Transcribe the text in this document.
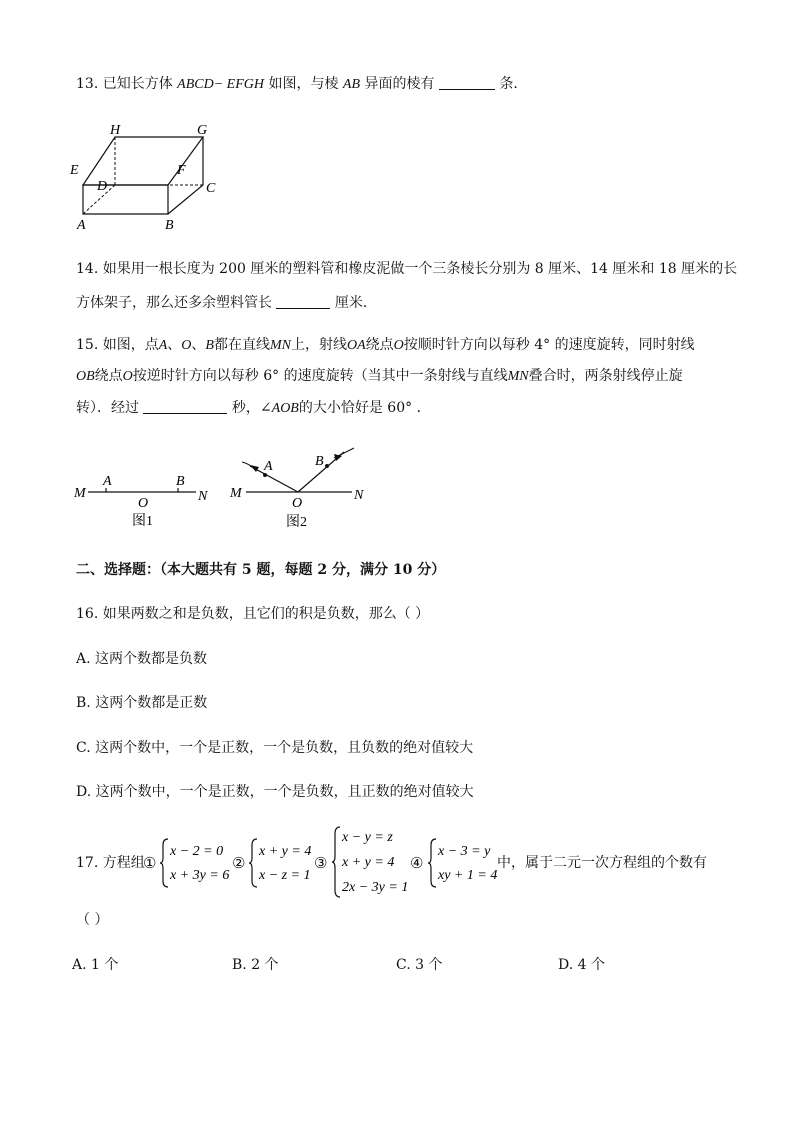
13. 已知长方体 ABCD− EFGH 如图，与棱 AB 异面的棱有	条．
H	G
E	F
D	C
A	B
14. 如果用一根长度为 200 厘米的塑料管和橡皮泥做一个三条棱长分别为 8 厘米、14 厘米和 18 厘米的长
方体架子，那么还多余塑料管长	厘米．
15. 如图，点A、O、B都在直线MN上，射线OA绕点O按顺时针方向以每秒 4° 的速度旋转，同时射线
OB绕点O按逆时针方向以每秒 6° 的速度旋转（当其中一条射线与直线MN叠合时，两条射线停止旋
转）．经过	秒，∠AOB的大小恰好是 60° ．
M
A	B
O	N
图1
A	B
M
O
N
图2
二、选择题：（本大题共有 5 题，每题 2 分，满分 10 分）
16. 如果两数之和是负数，且它们的积是负数，那么（ ）
A. 这两个数都是负数
B. 这两个数都是正数
C. 这两个数中，一个是正数，一个是负数，且负数的绝对值较大
D. 这两个数中，一个是正数，一个是负数，且正数的绝对值较大
17. 方程组
①
x − 2 = 0
x + 3y = 6
②
x + y = 4
x − z = 1
③
x − y = z
x + y = 4
2x − 3y = 1
④
x − 3 = y
xy + 1 = 4
中，属于二元一次方程组的个数有
（ ）
A. 1 个	B. 2 个	C. 3 个	D. 4 个
